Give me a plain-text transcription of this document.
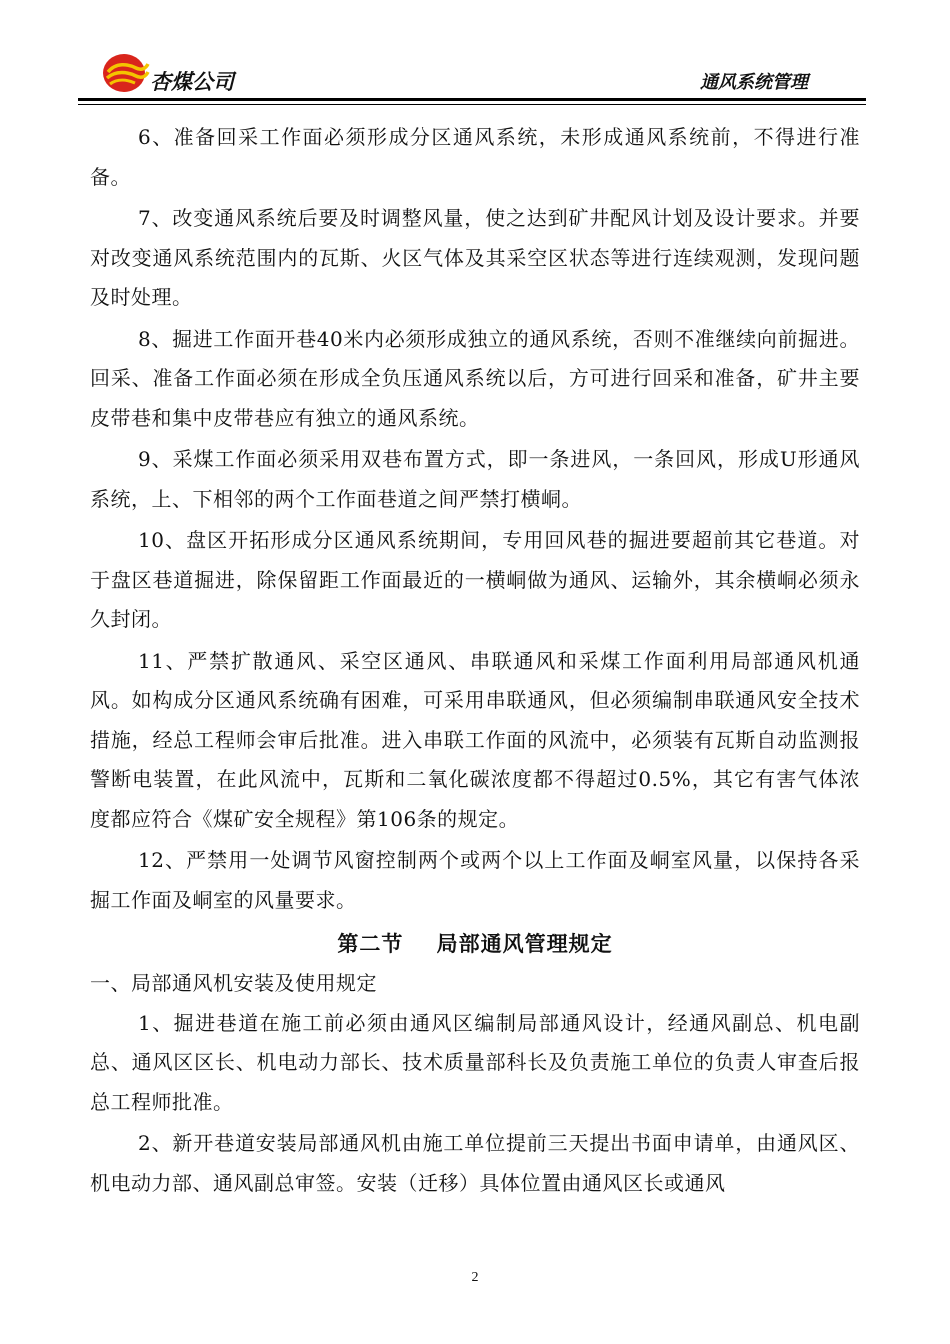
杏煤公司	通风系统管理

6、准备回采工作面必须形成分区通风系统，未形成通风系统前，不得进行准备。

7、改变通风系统后要及时调整风量，使之达到矿井配风计划及设计要求。并要对改变通风系统范围内的瓦斯、火区气体及其采空区状态等进行连续观测，发现问题及时处理。

8、掘进工作面开巷40米内必须形成独立的通风系统，否则不准继续向前掘进。回采、准备工作面必须在形成全负压通风系统以后，方可进行回采和准备，矿井主要皮带巷和集中皮带巷应有独立的通风系统。

9、采煤工作面必须采用双巷布置方式，即一条进风，一条回风，形成U形通风系统，上、下相邻的两个工作面巷道之间严禁打横峒。

10、盘区开拓形成分区通风系统期间，专用回风巷的掘进要超前其它巷道。对于盘区巷道掘进，除保留距工作面最近的一横峒做为通风、运输外，其余横峒必须永久封闭。

11、严禁扩散通风、采空区通风、串联通风和采煤工作面利用局部通风机通风。如构成分区通风系统确有困难，可采用串联通风，但必须编制串联通风安全技术措施，经总工程师会审后批准。进入串联工作面的风流中，必须装有瓦斯自动监测报警断电装置，在此风流中，瓦斯和二氧化碳浓度都不得超过0.5%，其它有害气体浓度都应符合《煤矿安全规程》第106条的规定。

12、严禁用一处调节风窗控制两个或两个以上工作面及峒室风量，以保持各采掘工作面及峒室的风量要求。

第二节    局部通风管理规定

一、局部通风机安装及使用规定

1、掘进巷道在施工前必须由通风区编制局部通风设计，经通风副总、机电副总、通风区区长、机电动力部长、技术质量部科长及负责施工单位的负责人审查后报总工程师批准。

2、新开巷道安装局部通风机由施工单位提前三天提出书面申请单，由通风区、机电动力部、通风副总审签。安装（迁移）具体位置由通风区长或通风

2
